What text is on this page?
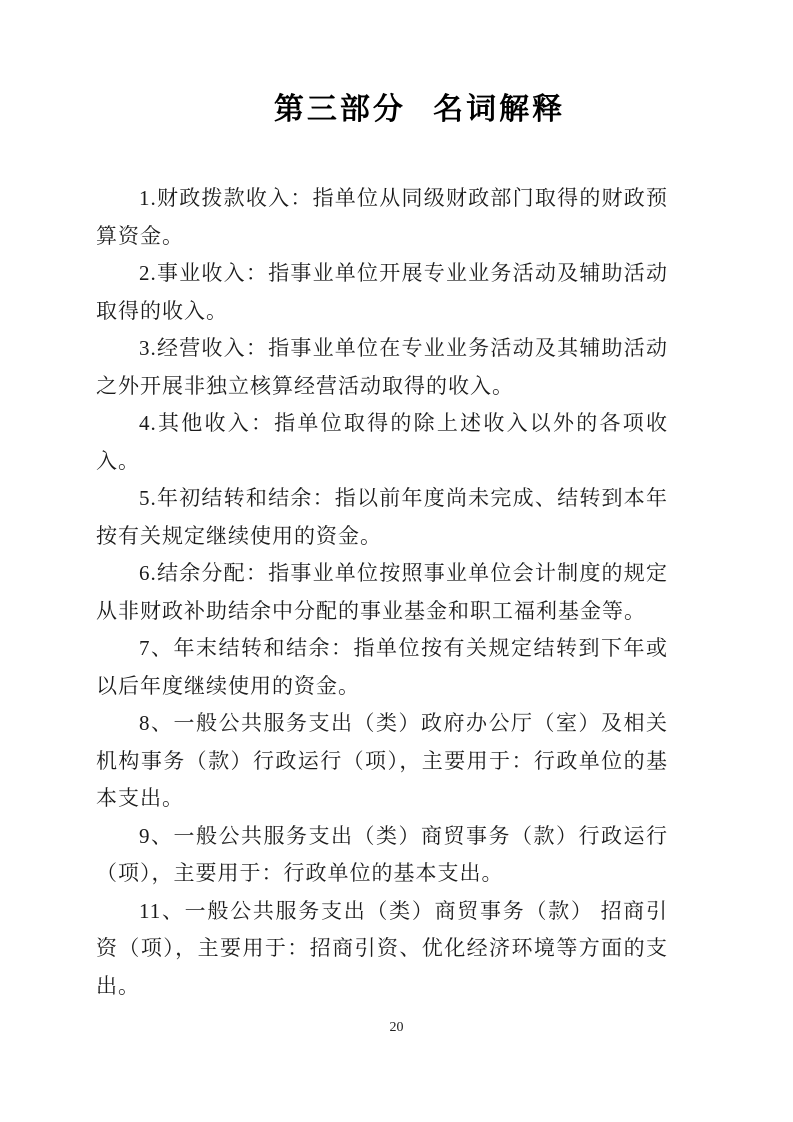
第三部分 名词解释

1.财政拨款收入：指单位从同级财政部门取得的财政预算资金。

2.事业收入：指事业单位开展专业业务活动及辅助活动取得的收入。

3.经营收入：指事业单位在专业业务活动及其辅助活动之外开展非独立核算经营活动取得的收入。

4.其他收入：指单位取得的除上述收入以外的各项收入。

5.年初结转和结余：指以前年度尚未完成、结转到本年按有关规定继续使用的资金。

6.结余分配：指事业单位按照事业单位会计制度的规定从非财政补助结余中分配的事业基金和职工福利基金等。

7、年末结转和结余：指单位按有关规定结转到下年或以后年度继续使用的资金。

8、一般公共服务支出（类）政府办公厅（室）及相关机构事务（款）行政运行（项），主要用于：行政单位的基本支出。

9、一般公共服务支出（类）商贸事务（款）行政运行（项），主要用于：行政单位的基本支出。

11、一般公共服务支出（类）商贸事务（款） 招商引资（项），主要用于：招商引资、优化经济环境等方面的支出。

20
